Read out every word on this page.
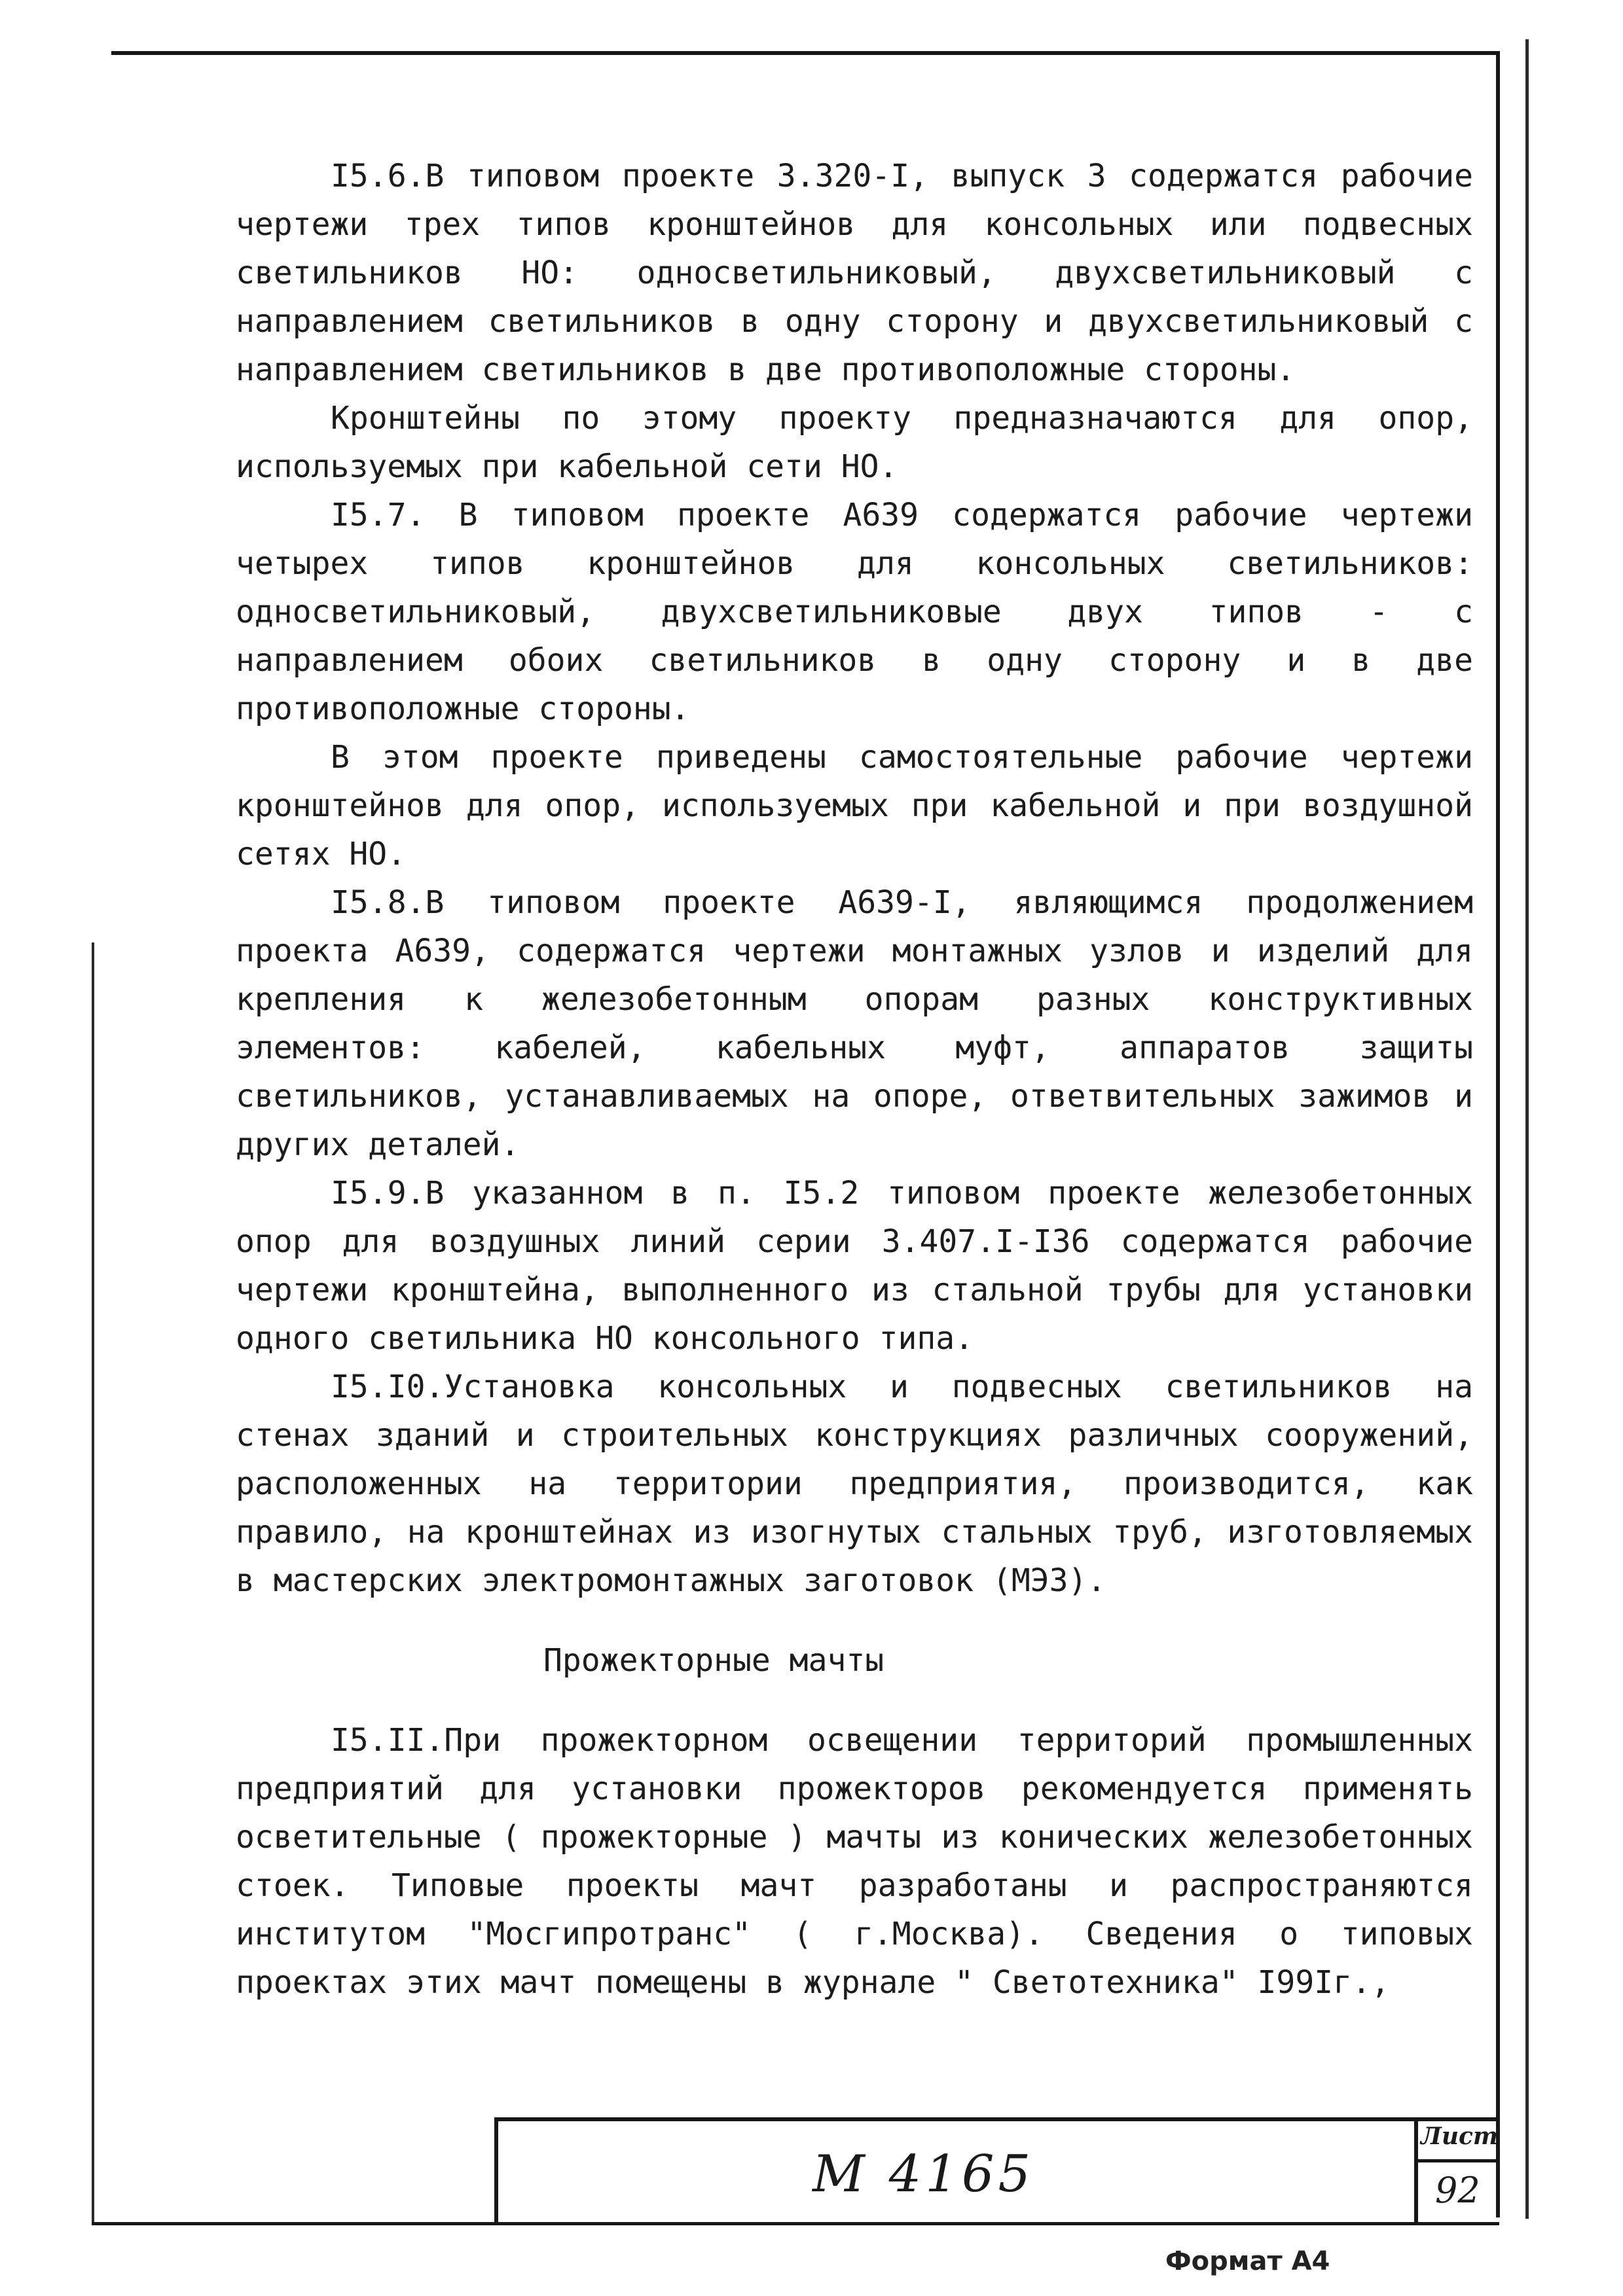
I5.6.В типовом проекте 3.320-I, выпуск 3 содержатся рабочие чертежи трех типов кронштейнов для консольных или подвесных светильников НО: односветильниковый, двухсветильниковый с направлением светильников в одну сторону и двухсветильниковый с направлением светильников в две противоположные стороны.

Кронштейны по этому проекту предназначаются для опор, используемых при кабельной сети НО.

I5.7. В типовом проекте А639 содержатся рабочие чертежи четырех типов кронштейнов для консольных светильников: односветильниковый, двухсветильниковые двух типов - с направлением обоих светильников в одну сторону и в две противоположные стороны.

В этом проекте приведены самостоятельные рабочие чертежи кронштейнов для опор, используемых при кабельной и при воздушной сетях НО.

I5.8.В типовом проекте А639-I, являющимся продолжением проекта А639, содержатся чертежи монтажных узлов и изделий для крепления к железобетонным опорам разных конструктивных элементов: кабелей, кабельных муфт, аппаратов защиты светильников, устанавливаемых на опоре, ответвительных зажимов и других деталей.

I5.9.В указанном в п. I5.2 типовом проекте железобетонных опор для воздушных линий серии 3.407.I-I36 содержатся рабочие чертежи кронштейна, выполненного из стальной трубы для установки одного светильника НО консольного типа.

I5.I0.Установка консольных и подвесных светильников на стенах зданий и строительных конструкциях различных сооружений, расположенных на территории предприятия, производится, как правило, на кронштейнах из изогнутых стальных труб, изготовляемых в мастерских электромонтажных заготовок (МЭЗ).

Прожекторные мачты

I5.II.При прожекторном освещении территорий промышленных предприятий для установки прожекторов рекомендуется применять осветительные ( прожекторные ) мачты из конических железобетонных стоек. Типовые проекты мачт разработаны и распространяются институтом "Мосгипротранс" ( г.Москва). Сведения о типовых проектах этих мачт помещены в журнале " Светотехника" I99Iг.,

М 4165
Лист
92
Формат А4
